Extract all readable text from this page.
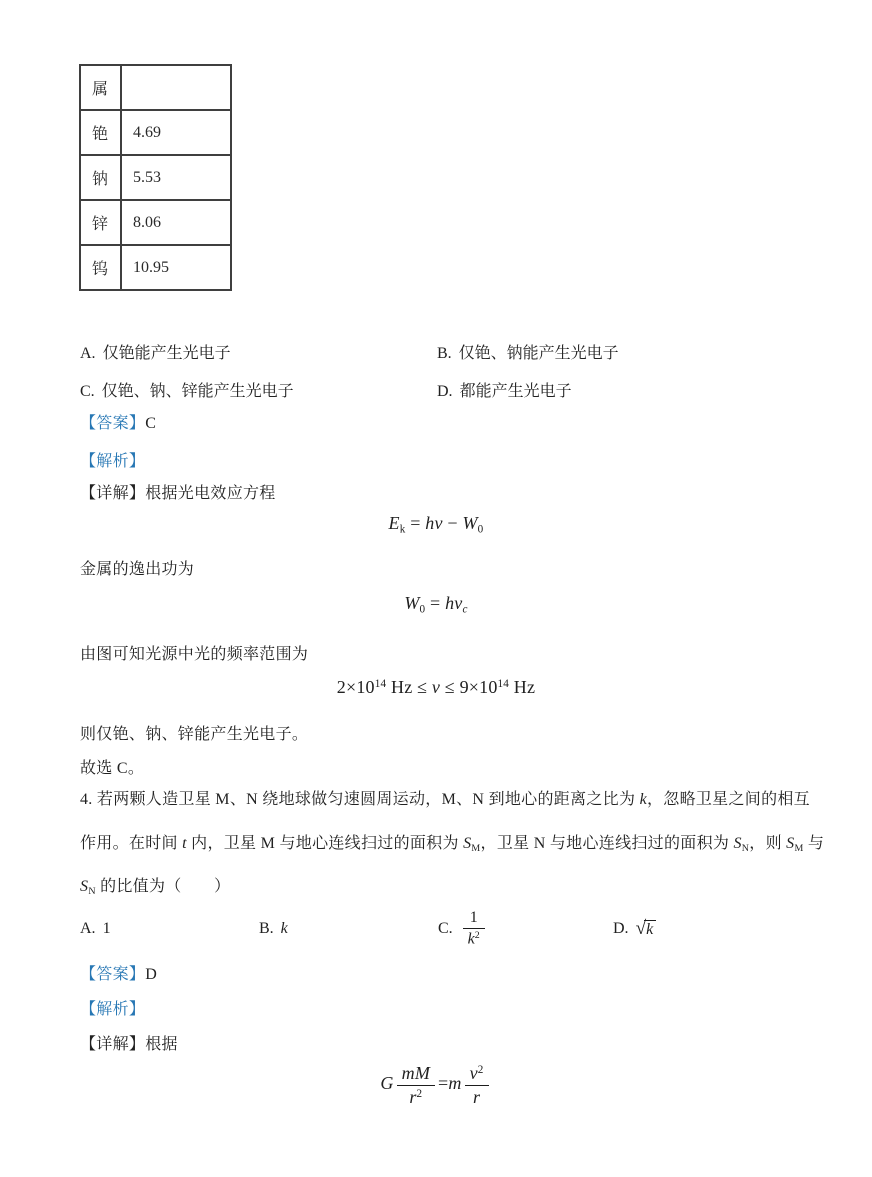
属	
铯	4.69
钠	5.53
锌	8.06
钨	10.95
A. 仅铯能产生光电子	B. 仅铯、钠能产生光电子
C. 仅铯、钠、锌能产生光电子	D. 都能产生光电子
【答案】C
【解析】
【详解】根据光电效应方程
$E_k = h\nu - W_0$
金属的逸出功为
$W_0 = h\nu_c$
由图可知光源中光的频率范围为
$2\times 10^{14}$ $Hz \le \nu \le 9\times 10^{14}$ Hz
则仅铯、钠、锌能产生光电子。
故选 C。
4. 若两颗人造卫星 M、N 绕地球做匀速圆周运动，M、N 到地心的距离之比为 k，忽略卫星之间的相互
作用。在时间 t 内，卫星 M 与地心连线扫过的面积为 $S_M$，卫星 N 与地心连线扫过的面积为 $S_N$，则 $S_M$ 与
$S_N$ 的比值为（　　）
A. 1	B. k	C. $\frac{1}{k^2}$	D. √k
【答案】D
【解析】
【详解】根据
G $\frac{mM}{r^2} =m \frac{v^2}{r}$
